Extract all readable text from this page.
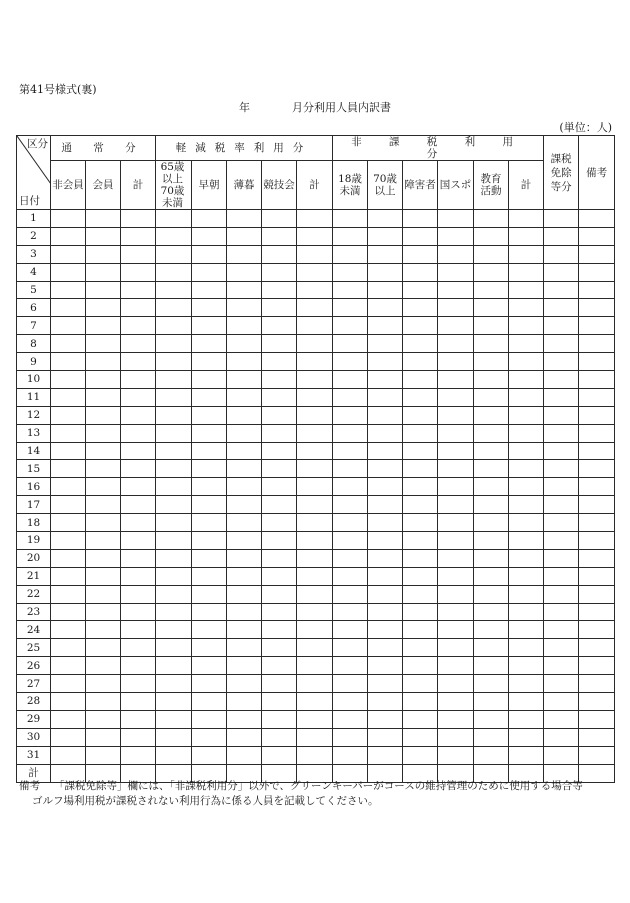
第41号様式(裏)
年	月分利用人員内訳書
(単位：人)
区分
日付	通 常 分			軽減税率利用分					非 課 税 利 用 分						課税免除等分	備考
	非会員	会員	計	65歳以上70歳未満	早朝	薄暮	競技会	計	18歳未満	70歳以上	障害者	国スポ	教育活動	計		
1																
2																
3																
4																
5																
6																
7																
8																
9																
10																
11																
12																
13																
14																
15																
16																
17																
18																
19																
20																
21																
22																
23																
24																
25																
26																
27																
28																
29																
30																
31																
計																
備考	「課税免除等」欄には、「非課税利用分」以外で、グリーンキーパーがコースの維持管理のために使用する場合等
ゴルフ場利用税が課税されない利用行為に係る人員を記載してください。
